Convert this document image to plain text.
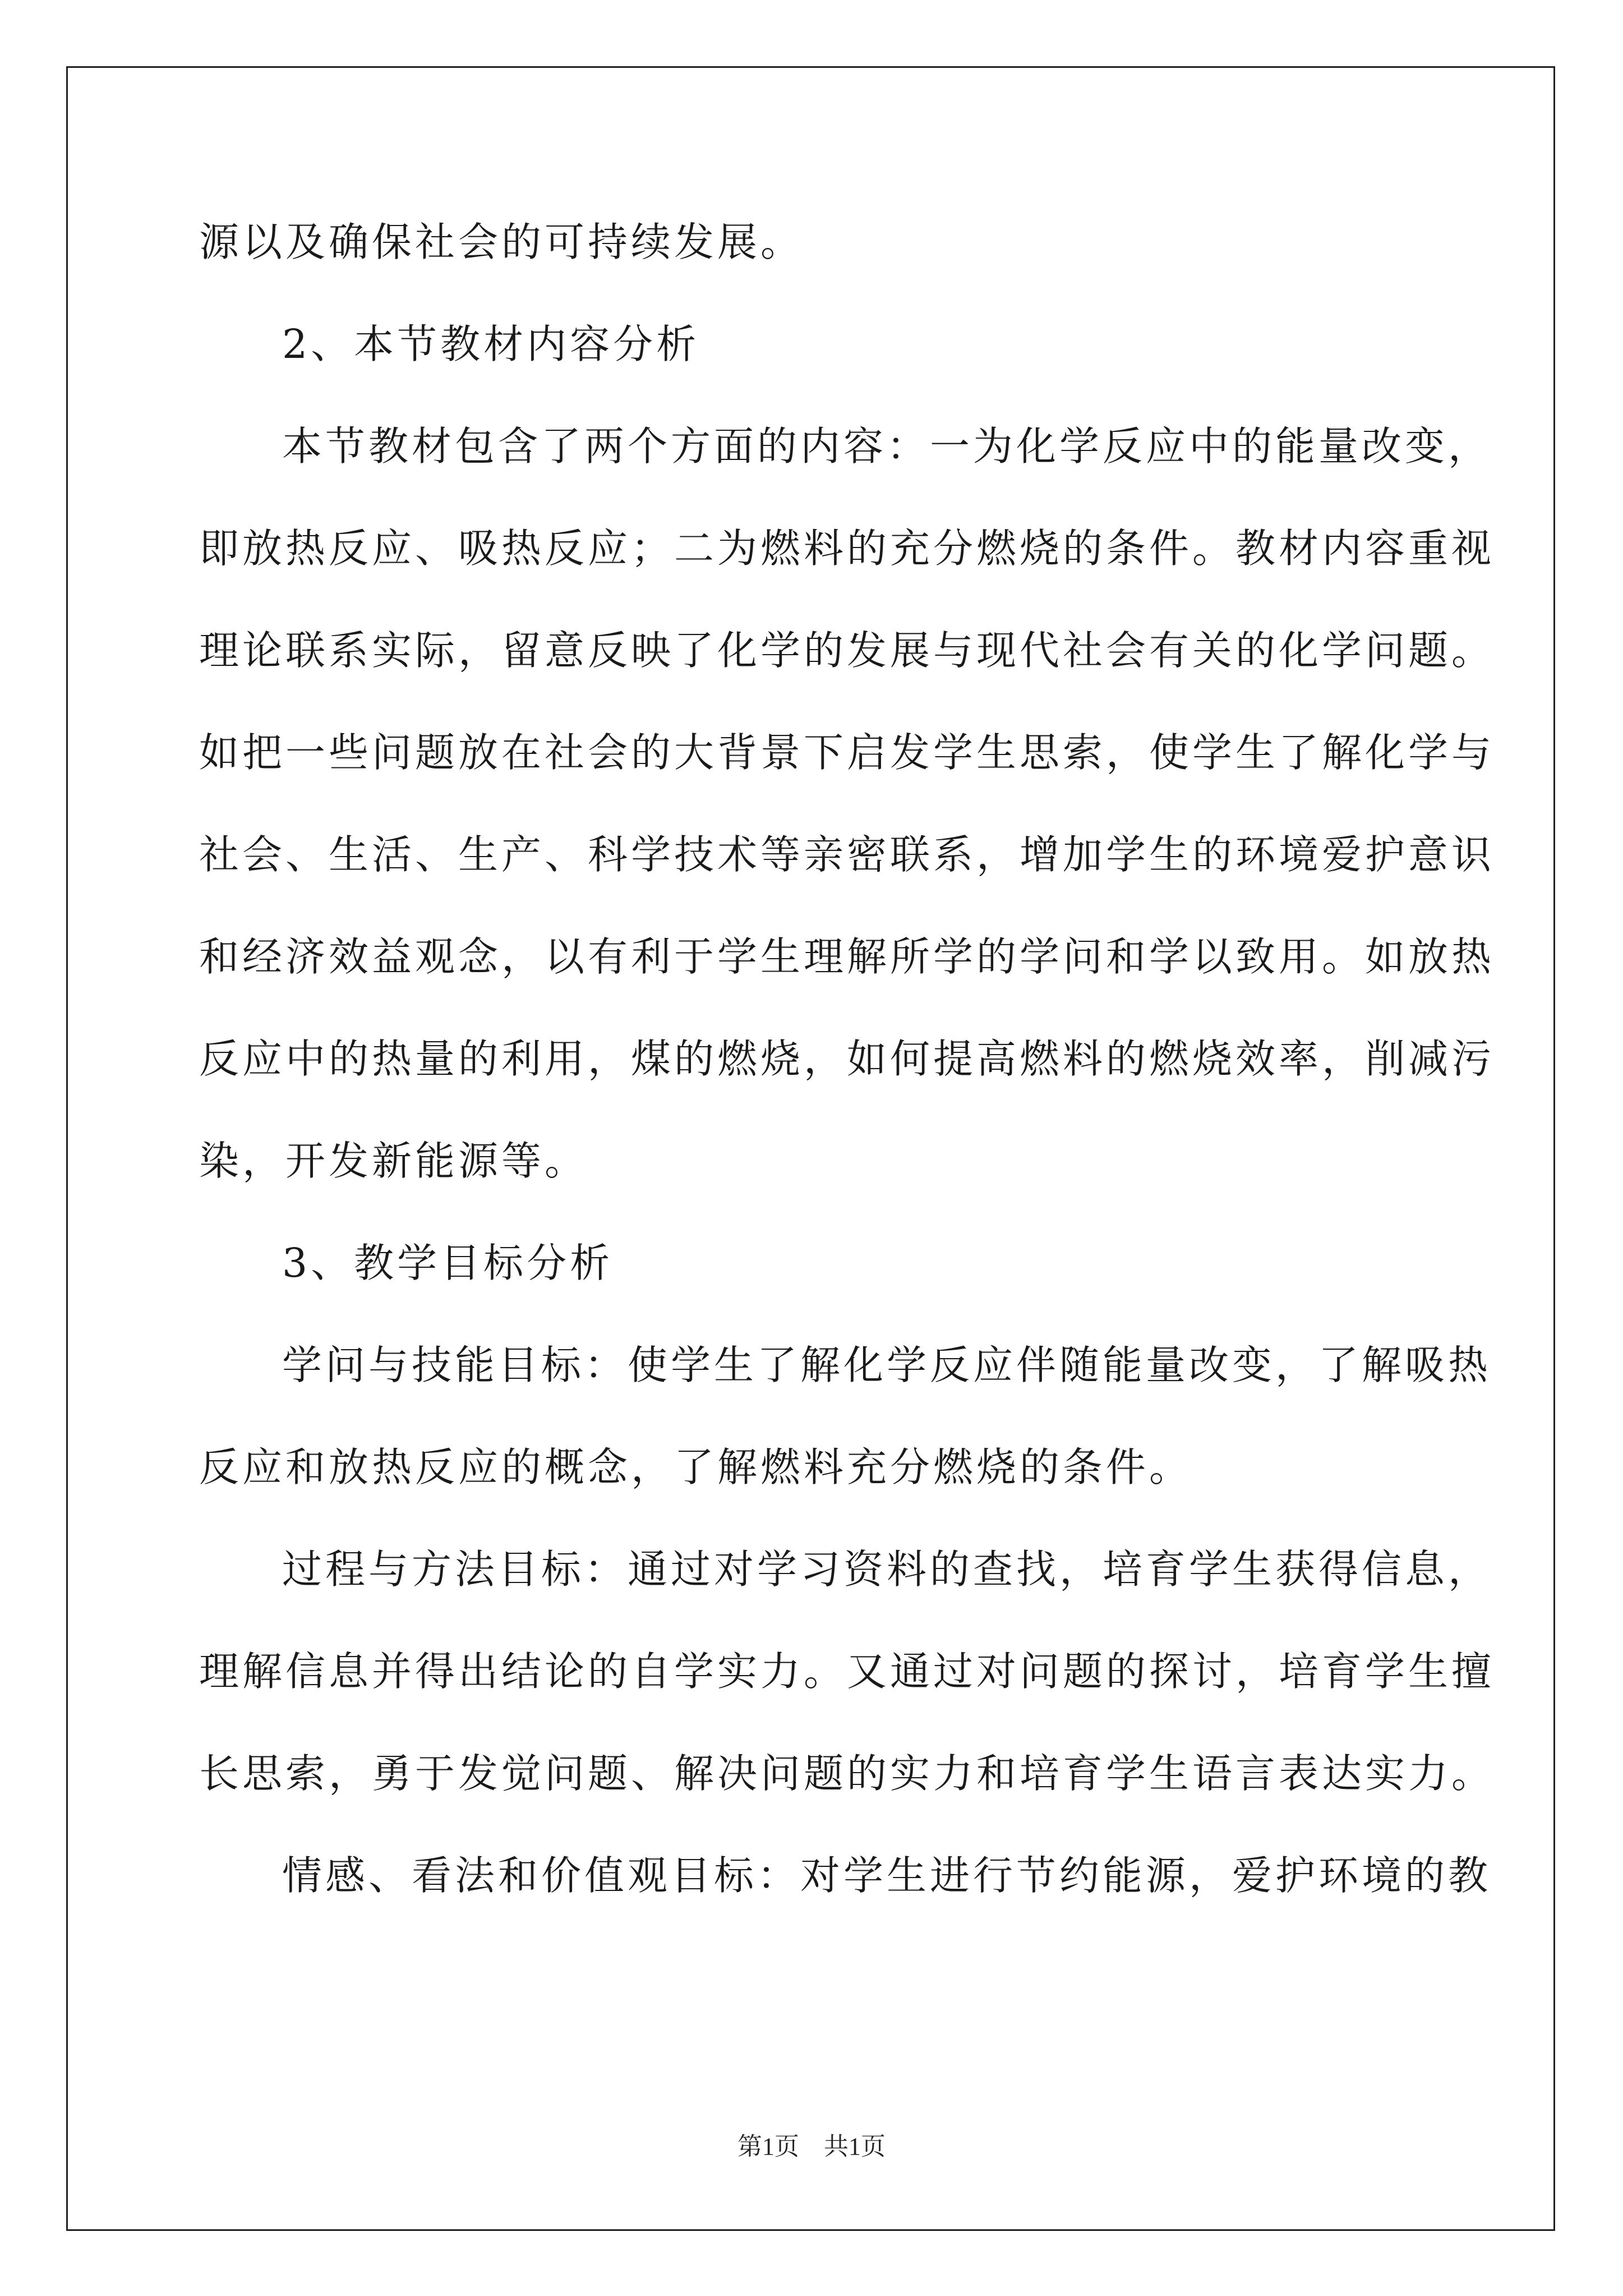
源以及确保社会的可持续发展。
2、本节教材内容分析
本节教材包含了两个方面的内容：一为化学反应中的能量改变，
即放热反应、吸热反应；二为燃料的充分燃烧的条件。教材内容重视
理论联系实际，留意反映了化学的发展与现代社会有关的化学问题。
如把一些问题放在社会的大背景下启发学生思索，使学生了解化学与
社会、生活、生产、科学技术等亲密联系，增加学生的环境爱护意识
和经济效益观念，以有利于学生理解所学的学问和学以致用。如放热
反应中的热量的利用，煤的燃烧，如何提高燃料的燃烧效率，削减污
染，开发新能源等。
3、教学目标分析
学问与技能目标：使学生了解化学反应伴随能量改变，了解吸热
反应和放热反应的概念，了解燃料充分燃烧的条件。
过程与方法目标：通过对学习资料的查找，培育学生获得信息，
理解信息并得出结论的自学实力。又通过对问题的探讨，培育学生擅
长思索，勇于发觉问题、解决问题的实力和培育学生语言表达实力。
情感、看法和价值观目标：对学生进行节约能源，爱护环境的教
第1页    共1页
